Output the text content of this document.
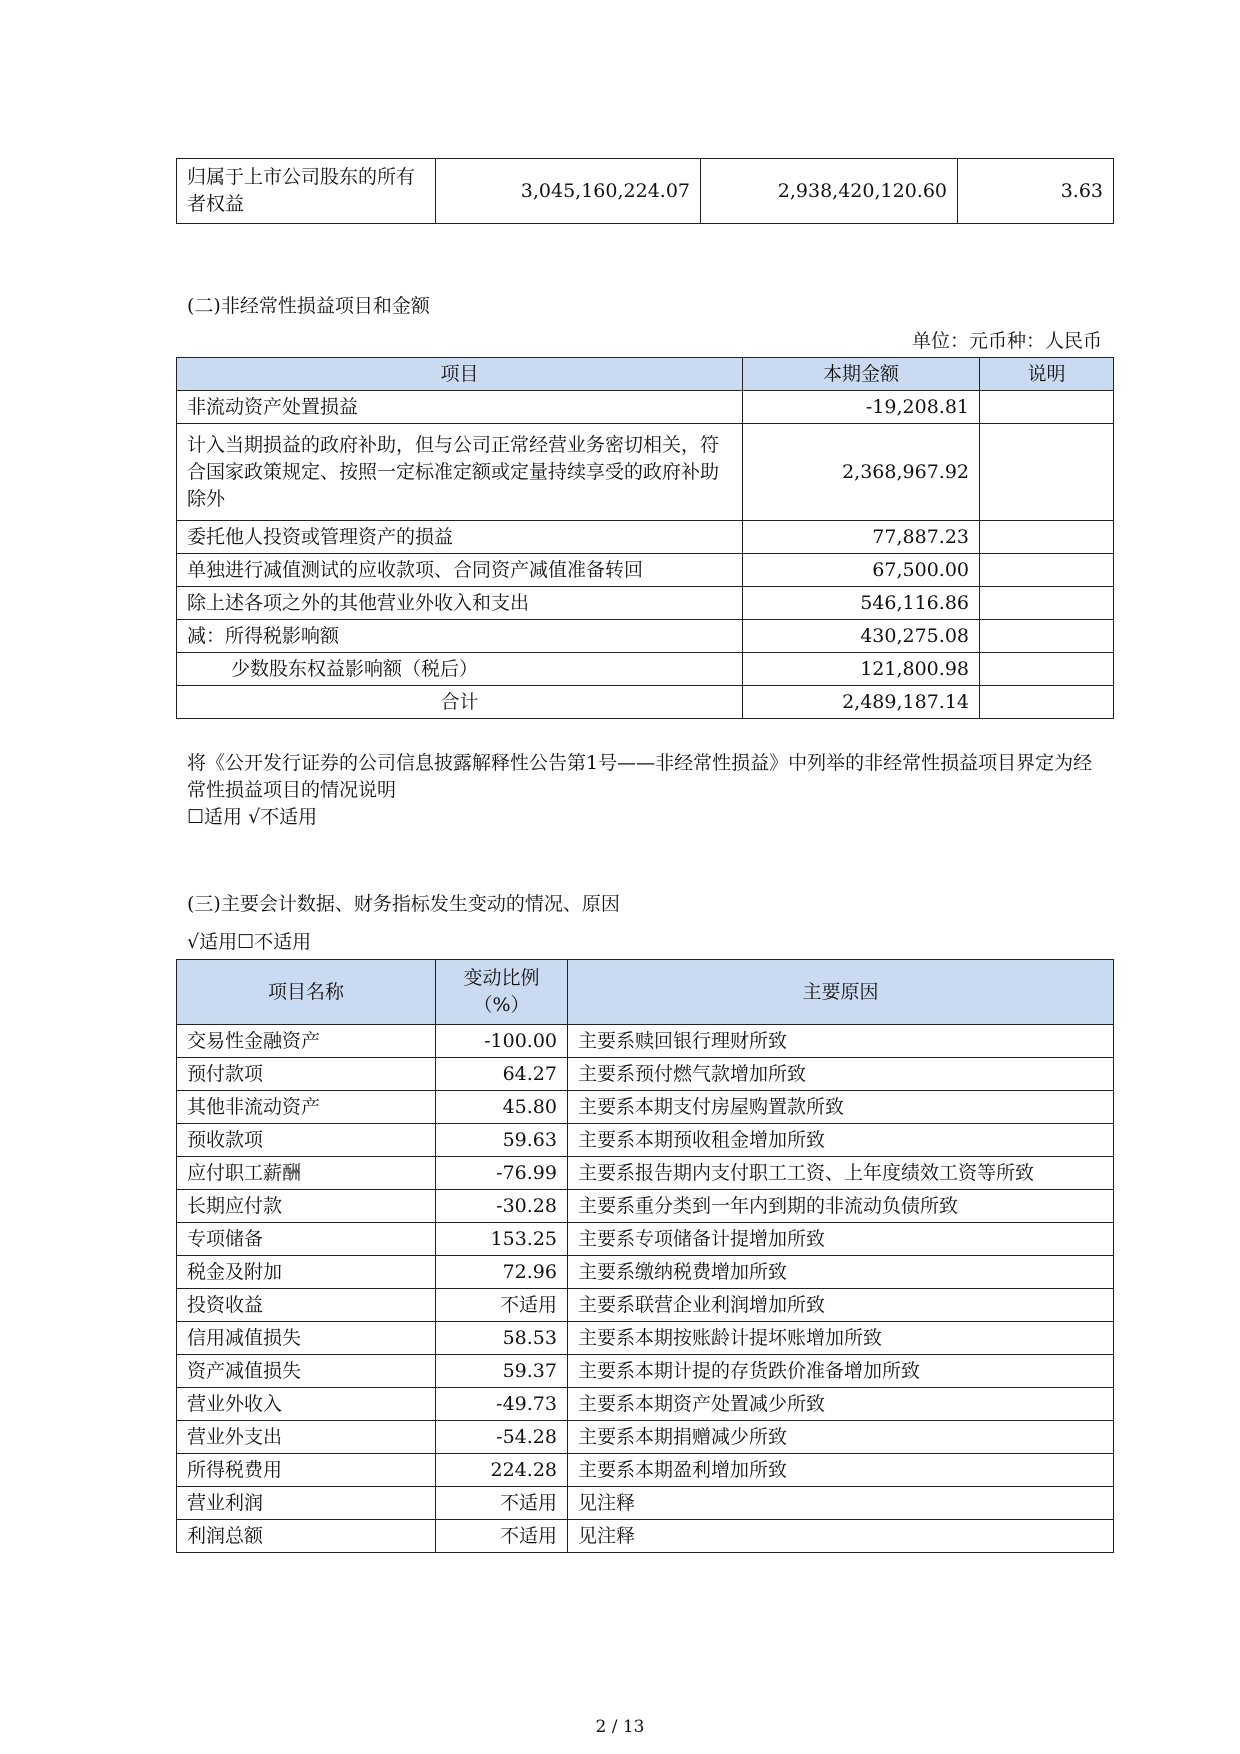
归属于上市公司股东的所有者权益	3,045,160,224.07	2,938,420,120.60	3.63

(二)非经常性损益项目和金额

单位：元币种：人民币

项目	本期金额	说明
非流动资产处置损益	-19,208.81	
计入当期损益的政府补助，但与公司正常经营业务密切相关，符合国家政策规定、按照一定标准定额或定量持续享受的政府补助除外	2,368,967.92	
委托他人投资或管理资产的损益	77,887.23	
单独进行减值测试的应收款项、合同资产减值准备转回	67,500.00	
除上述各项之外的其他营业外收入和支出	546,116.86	
减：所得税影响额	430,275.08	
少数股东权益影响额（税后）	121,800.98	
合计	2,489,187.14	

将《公开发行证券的公司信息披露解释性公告第1号——非经常性损益》中列举的非经常性损益项目界定为经常性损益项目的情况说明

☐适用 √不适用

(三)主要会计数据、财务指标发生变动的情况、原因

√适用☐不适用

项目名称	变动比例（%）	主要原因
交易性金融资产	-100.00	主要系赎回银行理财所致
预付款项	64.27	主要系预付燃气款增加所致
其他非流动资产	45.80	主要系本期支付房屋购置款所致
预收款项	59.63	主要系本期预收租金增加所致
应付职工薪酬	-76.99	主要系报告期内支付职工工资、上年度绩效工资等所致
长期应付款	-30.28	主要系重分类到一年内到期的非流动负债所致
专项储备	153.25	主要系专项储备计提增加所致
税金及附加	72.96	主要系缴纳税费增加所致
投资收益	不适用	主要系联营企业利润增加所致
信用减值损失	58.53	主要系本期按账龄计提坏账增加所致
资产减值损失	59.37	主要系本期计提的存货跌价准备增加所致
营业外收入	-49.73	主要系本期资产处置减少所致
营业外支出	-54.28	主要系本期捐赠减少所致
所得税费用	224.28	主要系本期盈利增加所致
营业利润	不适用	见注释
利润总额	不适用	见注释

2 / 13
